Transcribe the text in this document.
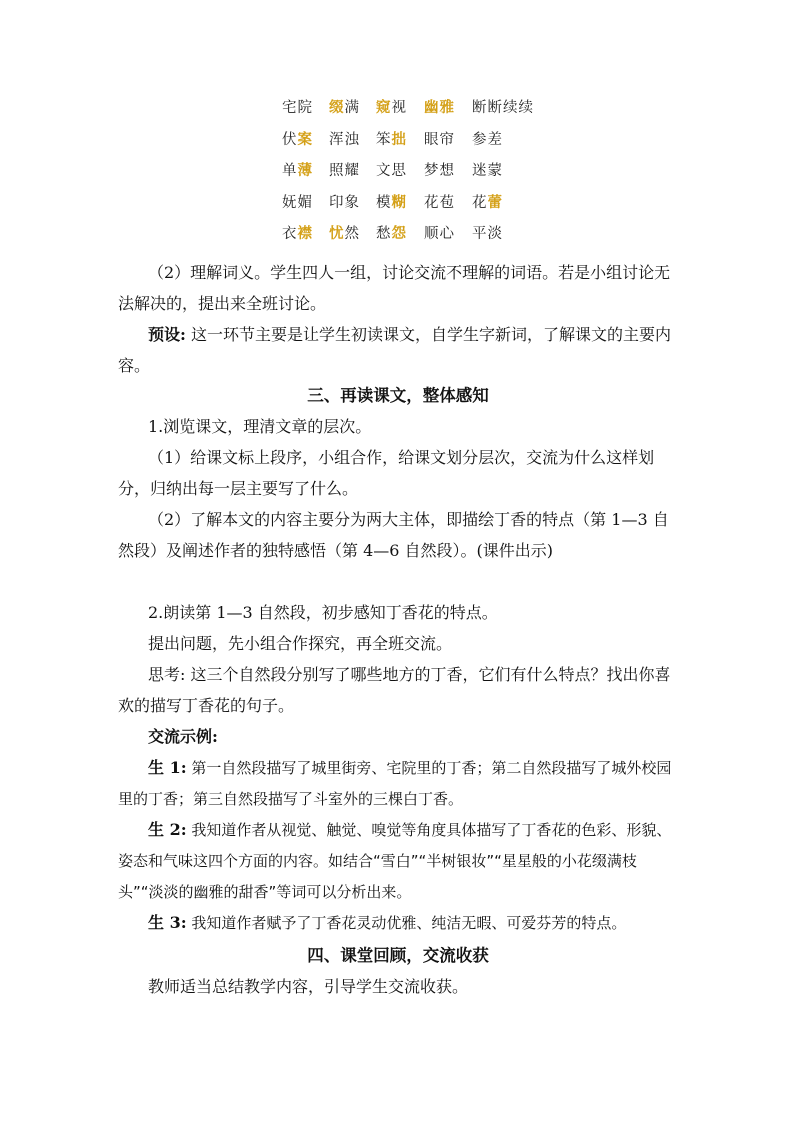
宅院 缀满 窥视 幽雅 断断续续
伏案 浑浊 笨拙 眼帘 参差
单薄 照耀 文思 梦想 迷蒙
妩媚 印象 模糊 花苞 花蕾
衣襟 忧然 愁怨 顺心 平淡

（2）理解词义。学生四人一组，讨论交流不理解的词语。若是小组讨论无法解决的，提出来全班讨论。

预设: 这一环节主要是让学生初读课文，自学生字新词，了解课文的主要内容。

三、再读课文，整体感知

1.浏览课文，理清文章的层次。

（1）给课文标上段序，小组合作，给课文划分层次，交流为什么这样划分，归纳出每一层主要写了什么。

（2）了解本文的内容主要分为两大主体，即描绘丁香的特点（第 1—3 自然段）及阐述作者的独特感悟（第 4—6 自然段）。(课件出示)

2.朗读第 1—3 自然段，初步感知丁香花的特点。

提出问题，先小组合作探究，再全班交流。

思考: 这三个自然段分别写了哪些地方的丁香，它们有什么特点？找出你喜欢的描写丁香花的句子。

交流示例:

生 1: 第一自然段描写了城里街旁、宅院里的丁香；第二自然段描写了城外校园里的丁香；第三自然段描写了斗室外的三棵白丁香。

生 2: 我知道作者从视觉、触觉、嗅觉等角度具体描写了丁香花的色彩、形貌、姿态和气味这四个方面的内容。如结合“雪白”“半树银妆”“星星般的小花缀满枝头”“淡淡的幽雅的甜香”等词可以分析出来。

生 3: 我知道作者赋予了丁香花灵动优雅、纯洁无暇、可爱芬芳的特点。

四、课堂回顾，交流收获

教师适当总结教学内容，引导学生交流收获。
